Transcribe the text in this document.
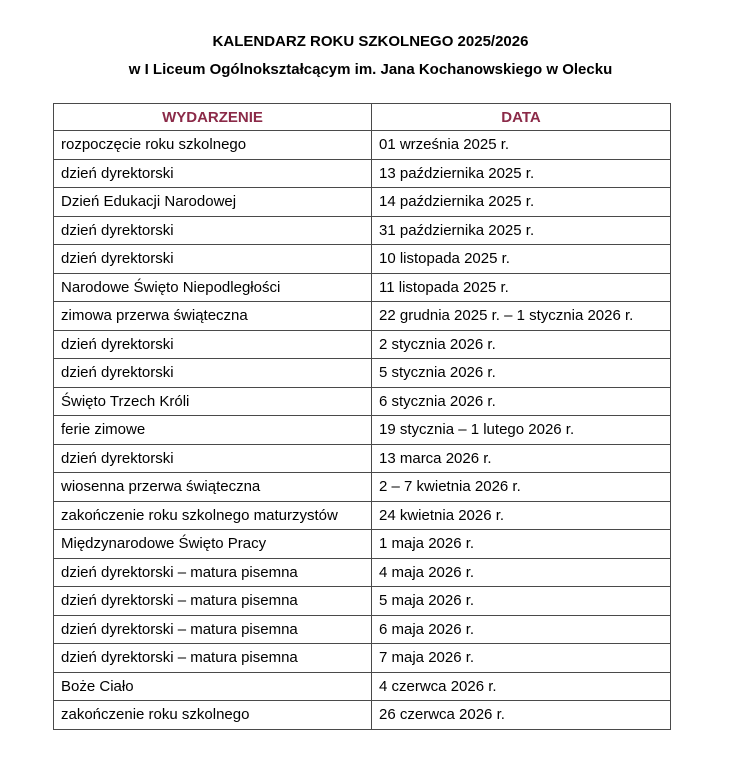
KALENDARZ ROKU SZKOLNEGO 2025/2026
w I Liceum Ogólnokształcącym im. Jana Kochanowskiego w Olecku
WYDARZENIE	DATA
rozpoczęcie roku szkolnego	01 września 2025 r.
dzień dyrektorski	13 października 2025 r.
Dzień Edukacji Narodowej	14 października 2025 r.
dzień dyrektorski	31 października 2025 r.
dzień dyrektorski	10 listopada 2025 r.
Narodowe Święto Niepodległości	11 listopada 2025 r.
zimowa przerwa świąteczna	22 grudnia 2025 r. – 1 stycznia 2026 r.
dzień dyrektorski	2 stycznia 2026 r.
dzień dyrektorski	5 stycznia 2026 r.
Święto Trzech Króli	6 stycznia 2026 r.
ferie zimowe	19 stycznia – 1 lutego 2026 r.
dzień dyrektorski	13 marca 2026 r.
wiosenna przerwa świąteczna	2 – 7 kwietnia 2026 r.
zakończenie roku szkolnego maturzystów	24 kwietnia 2026 r.
Międzynarodowe Święto Pracy	1 maja 2026 r.
dzień dyrektorski – matura pisemna	4 maja 2026 r.
dzień dyrektorski – matura pisemna	5 maja 2026 r.
dzień dyrektorski – matura pisemna	6 maja 2026 r.
dzień dyrektorski – matura pisemna	7 maja 2026 r.
Boże Ciało	4 czerwca 2026 r.
zakończenie roku szkolnego	26 czerwca 2026 r.
